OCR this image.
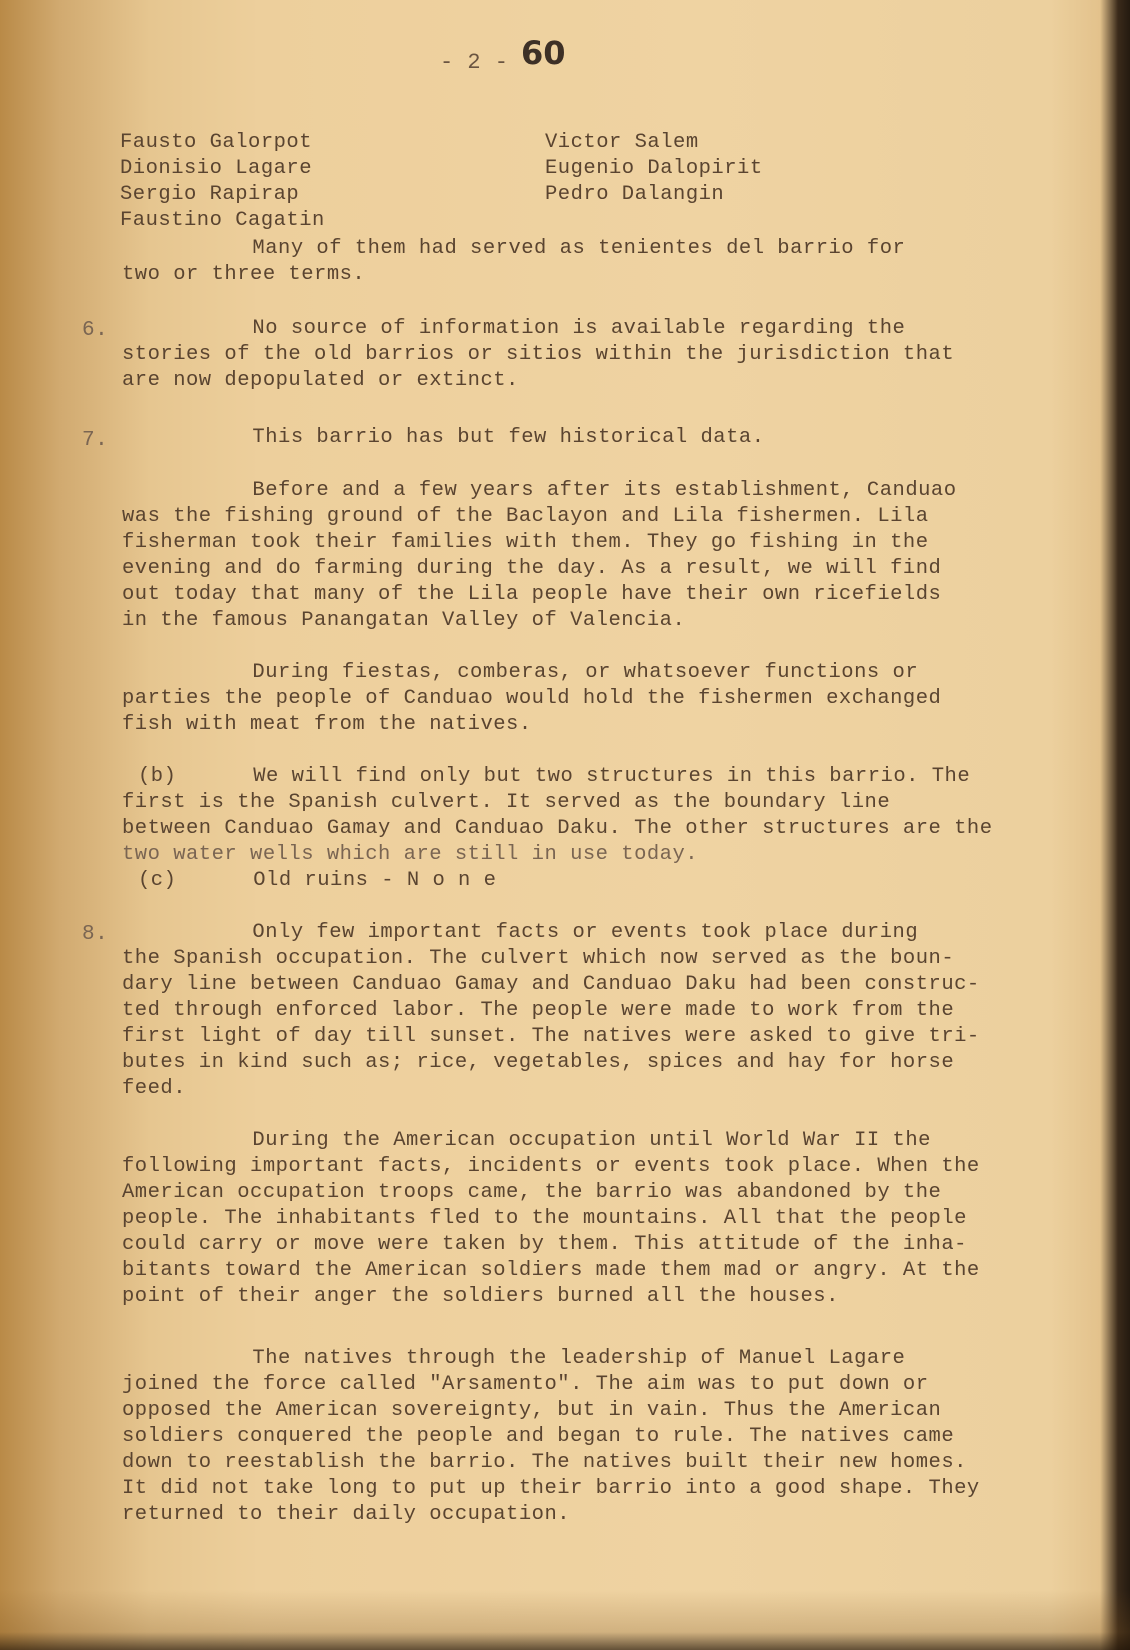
- 2 - 60
Fausto Galorpot
Dionisio Lagare
Sergio Rapirap
Faustino Cagatin
Victor Salem
Eugenio Dalopirit
Pedro Dalangin
Many of them had served as tenientes del barrio for
two or three terms.
6. No source of information is available regarding the
stories of the old barrios or sitios within the jurisdiction that
are now depopulated or extinct.
7. This barrio has but few historical data.
Before and a few years after its establishment, Canduao
was the fishing ground of the Baclayon and Lila fishermen. Lila
fisherman took their families with them. They go fishing in the
evening and do farming during the day. As a result, we will find
out today that many of the Lila people have their own ricefields
in the famous Panangatan Valley of Valencia.
During fiestas, comberas, or whatsoever functions or
parties the people of Canduao would hold the fishermen exchanged
fish with meat from the natives.
(b)      We will find only but two structures in this barrio. The
first is the Spanish culvert. It served as the boundary line
between Canduao Gamay and Canduao Daku. The other structures are the
two water wells which are still in use today.
(c)      Old ruins - N o n e
8. Only few important facts or events took place during
the Spanish occupation. The culvert which now served as the boun-
dary line between Canduao Gamay and Canduao Daku had been construc-
ted through enforced labor. The people were made to work from the
first light of day till sunset. The natives were asked to give tri-
butes in kind such as; rice, vegetables, spices and hay for horse
feed.
During the American occupation until World War II the
following important facts, incidents or events took place. When the
American occupation troops came, the barrio was abandoned by the
people. The inhabitants fled to the mountains. All that the people
could carry or move were taken by them. This attitude of the inha-
bitants toward the American soldiers made them mad or angry. At the
point of their anger the soldiers burned all the houses.
The natives through the leadership of Manuel Lagare
joined the force called "Arsamento". The aim was to put down or
opposed the American sovereignty, but in vain. Thus the American
soldiers conquered the people and began to rule. The natives came
down to reestablish the barrio. The natives built their new homes.
It did not take long to put up their barrio into a good shape. They
returned to their daily occupation.
